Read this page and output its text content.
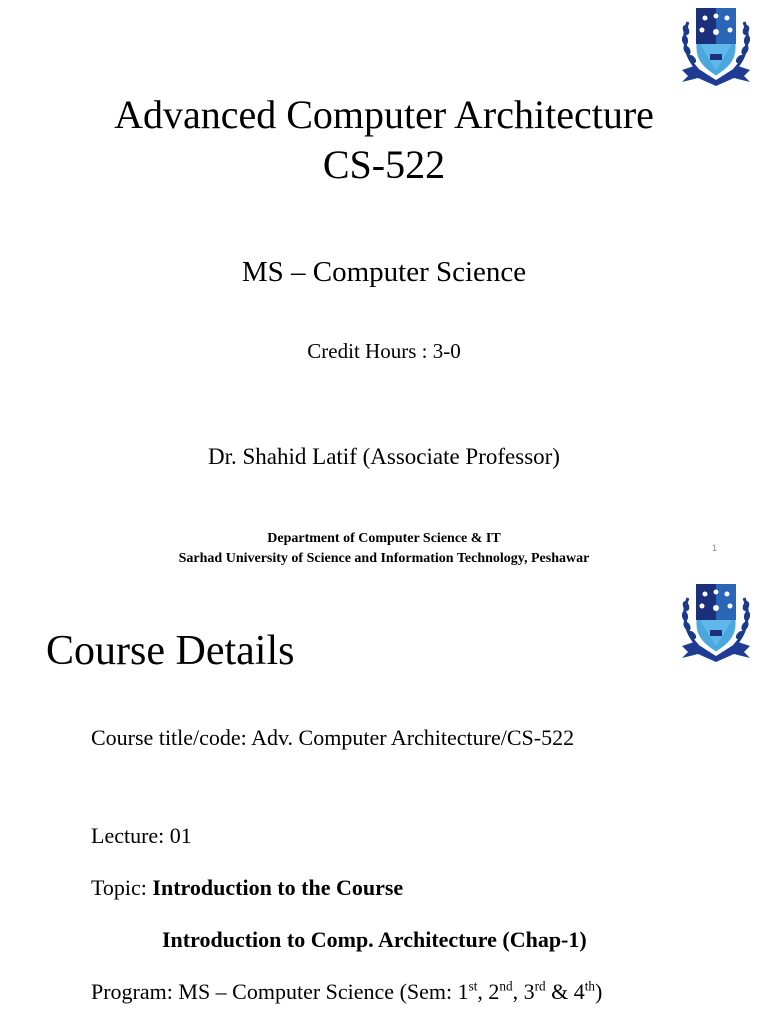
Advanced Computer Architecture
CS-522
MS – Computer Science
Credit Hours : 3-0
Dr. Shahid Latif (Associate Professor)
Department of Computer Science & IT
Sarhad University of Science and Information Technology, Peshawar
1
Course Details
Course title/code: Adv. Computer Architecture/CS-522
Lecture: 01
Topic: Introduction to the Course
Introduction to Comp. Architecture (Chap-1)
Program: MS – Computer Science (Sem: 1st, 2nd, 3rd & 4th)
